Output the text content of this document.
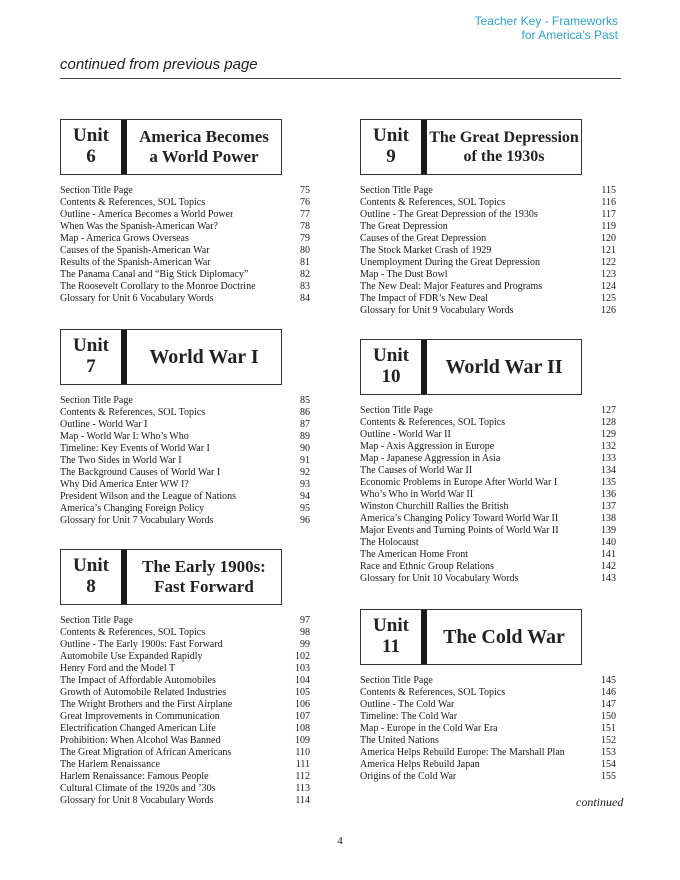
Teacher Key - Frameworks
for America’s Past
continued from previous page
Unit
6
America Becomes
a World Power
Section Title Page	75
Contents & References, SOL Topics	76
Outline - America Becomes a World Power	77
When Was the Spanish-American War?	78
Map - America Grows Overseas	79
Causes of the Spanish-American War	80
Results of the Spanish-American War	81
The Panama Canal and “Big Stick Diplomacy”	82
The Roosevelt Corollary to the Monroe Doctrine	83
Glossary for Unit 6 Vocabulary Words	84
Unit
7	World War I
Section Title Page	85
Contents & References, SOL Topics	86
Outline - World War I	87
Map - World War I: Who’s Who	89
Timeline: Key Events of World War I	90
The Two Sides in World War I	91
The Background Causes of World War I	92
Why Did America Enter WW I?	93
President Wilson and the League of Nations	94
America’s Changing Foreign Policy	95
Glossary for Unit 7 Vocabulary Words	96
Unit
8
The Early 1900s:
Fast Forward
Section Title Page	97
Contents & References, SOL Topics	98
Outline - The Early 1900s: Fast Forward	99
Automobile Use Expanded Rapidly	102
Henry Ford and the Model T	103
The Impact of Affordable Automobiles	104
Growth of Automobile Related Industries	105
The Wright Brothers and the First Airplane	106
Great Improvements in Communication	107
Electrification Changed American Life	108
Prohibition: When Alcohol Was Banned	109
The Great Migration of African Americans	110
The Harlem Renaissance	111
Harlem Renaissance: Famous People	112
Cultural Climate of the 1920s and ’30s	113
Glossary for Unit 8 Vocabulary Words	114
Unit
9
The Great Depression
of the 1930s
Section Title Page	115
Contents & References, SOL Topics	116
Outline - The Great Depression of the 1930s	117
The Great Depression	119
Causes of the Great Depression	120
The Stock Market Crash of 1929	121
Unemployment During the Great Depression	122
Map - The Dust Bowl	123
The New Deal: Major Features and Programs	124
The Impact of FDR’s New Deal	125
Glossary for Unit 9 Vocabulary Words	126
Unit
10	World War II
Section Title Page	127
Contents & References, SOL Topics	128
Outline - World War II	129
Map - Axis Aggression in Europe	132
Map - Japanese Aggression in Asia	133
The Causes of World War II	134
Economic Problems in Europe After World War I	135
Who’s Who in World War II	136
Winston Churchill Rallies the British	137
America’s Changing Policy Toward World War II	138
Major Events and Turning Points of World War II	139
The Holocaust	140
The American Home Front	141
Race and Ethnic Group Relations	142
Glossary for Unit 10 Vocabulary Words	143
Unit
11	The Cold War
Section Title Page	145
Contents & References, SOL Topics	146
Outline - The Cold War	147
Timeline: The Cold War	150
Map - Europe in the Cold War Era	151
The United Nations	152
America Helps Rebuild Europe: The Marshall Plan	153
America Helps Rebuild Japan	154
Origins of the Cold War	155
continued
4
